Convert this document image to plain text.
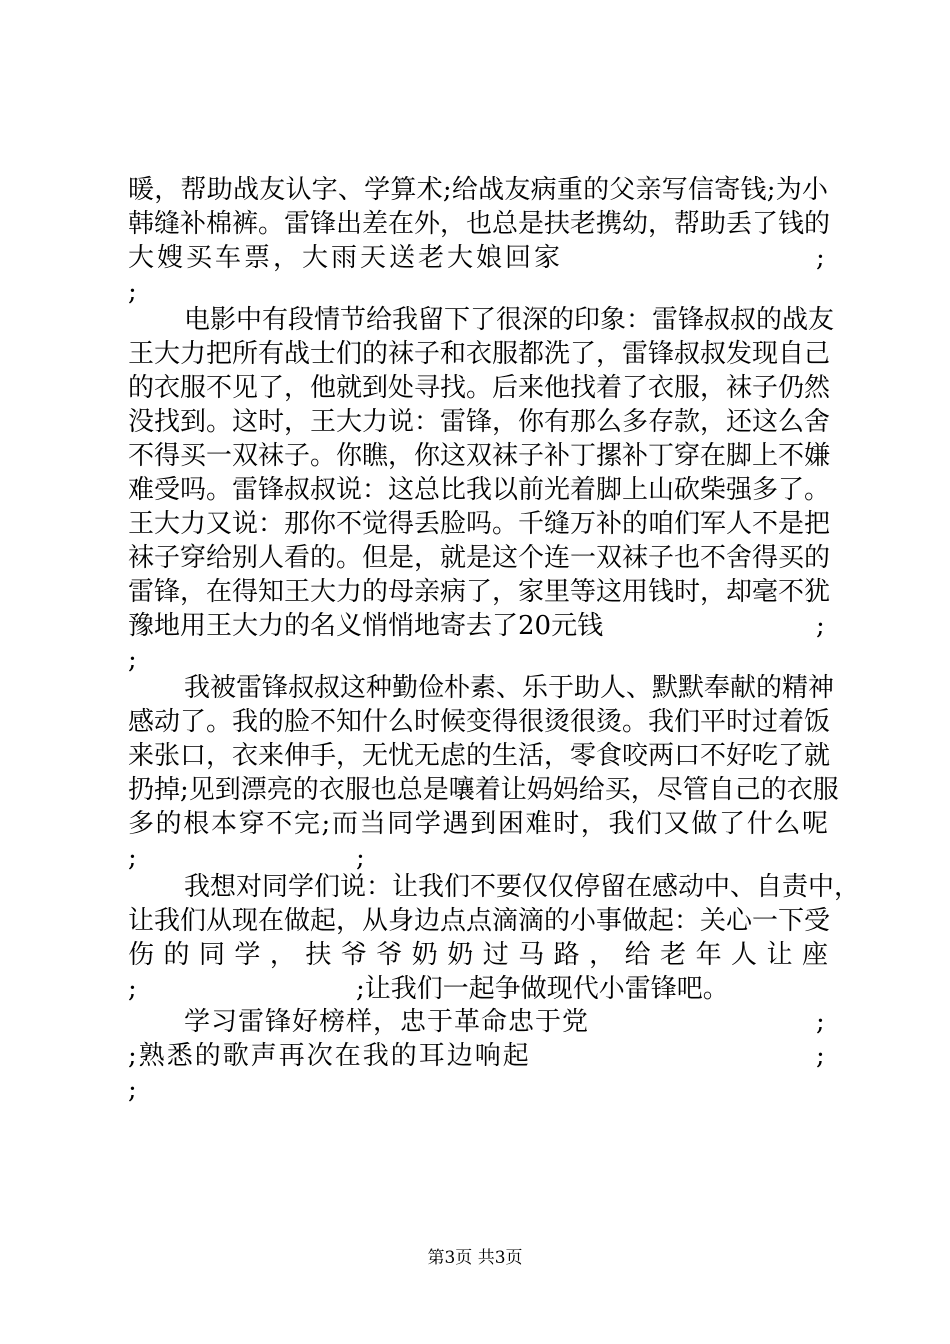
暖，帮助战友认字、学算术;给战友病重的父亲写信寄钱;为小
韩缝补棉裤。雷锋出差在外，也总是扶老携幼，帮助丢了钱的
大嫂买车票，大雨天送老大娘回家	;
;
电影中有段情节给我留下了很深的印象：雷锋叔叔的战友
王大力把所有战士们的袜子和衣服都洗了，雷锋叔叔发现自己
的衣服不见了，他就到处寻找。后来他找着了衣服，袜子仍然
没找到。这时，王大力说：雷锋，你有那么多存款，还这么舍
不得买一双袜子。你瞧，你这双袜子补丁摞补丁穿在脚上不嫌
难受吗。雷锋叔叔说：这总比我以前光着脚上山砍柴强多了。
王大力又说：那你不觉得丢脸吗。千缝万补的咱们军人不是把
袜子穿给别人看的。但是，就是这个连一双袜子也不舍得买的
雷锋，在得知王大力的母亲病了，家里等这用钱时，却毫不犹
豫地用王大力的名义悄悄地寄去了20元钱	;
;
我被雷锋叔叔这种勤俭朴素、乐于助人、默默奉献的精神
感动了。我的脸不知什么时候变得很烫很烫。我们平时过着饭
来张口，衣来伸手，无忧无虑的生活，零食咬两口不好吃了就
扔掉;见到漂亮的衣服也总是嚷着让妈妈给买，尽管自己的衣服
多的根本穿不完;而当同学遇到困难时，我们又做了什么呢
;	;
我想对同学们说：让我们不要仅仅停留在感动中、自责中，
让我们从现在做起，从身边点点滴滴的小事做起：关心一下受
伤的同学，扶爷爷奶奶过马路，给老年人让座
;	;让我们一起争做现代小雷锋吧。
学习雷锋好榜样，忠于革命忠于党	;
;熟悉的歌声再次在我的耳边响起	;
;
第3页 共3页
